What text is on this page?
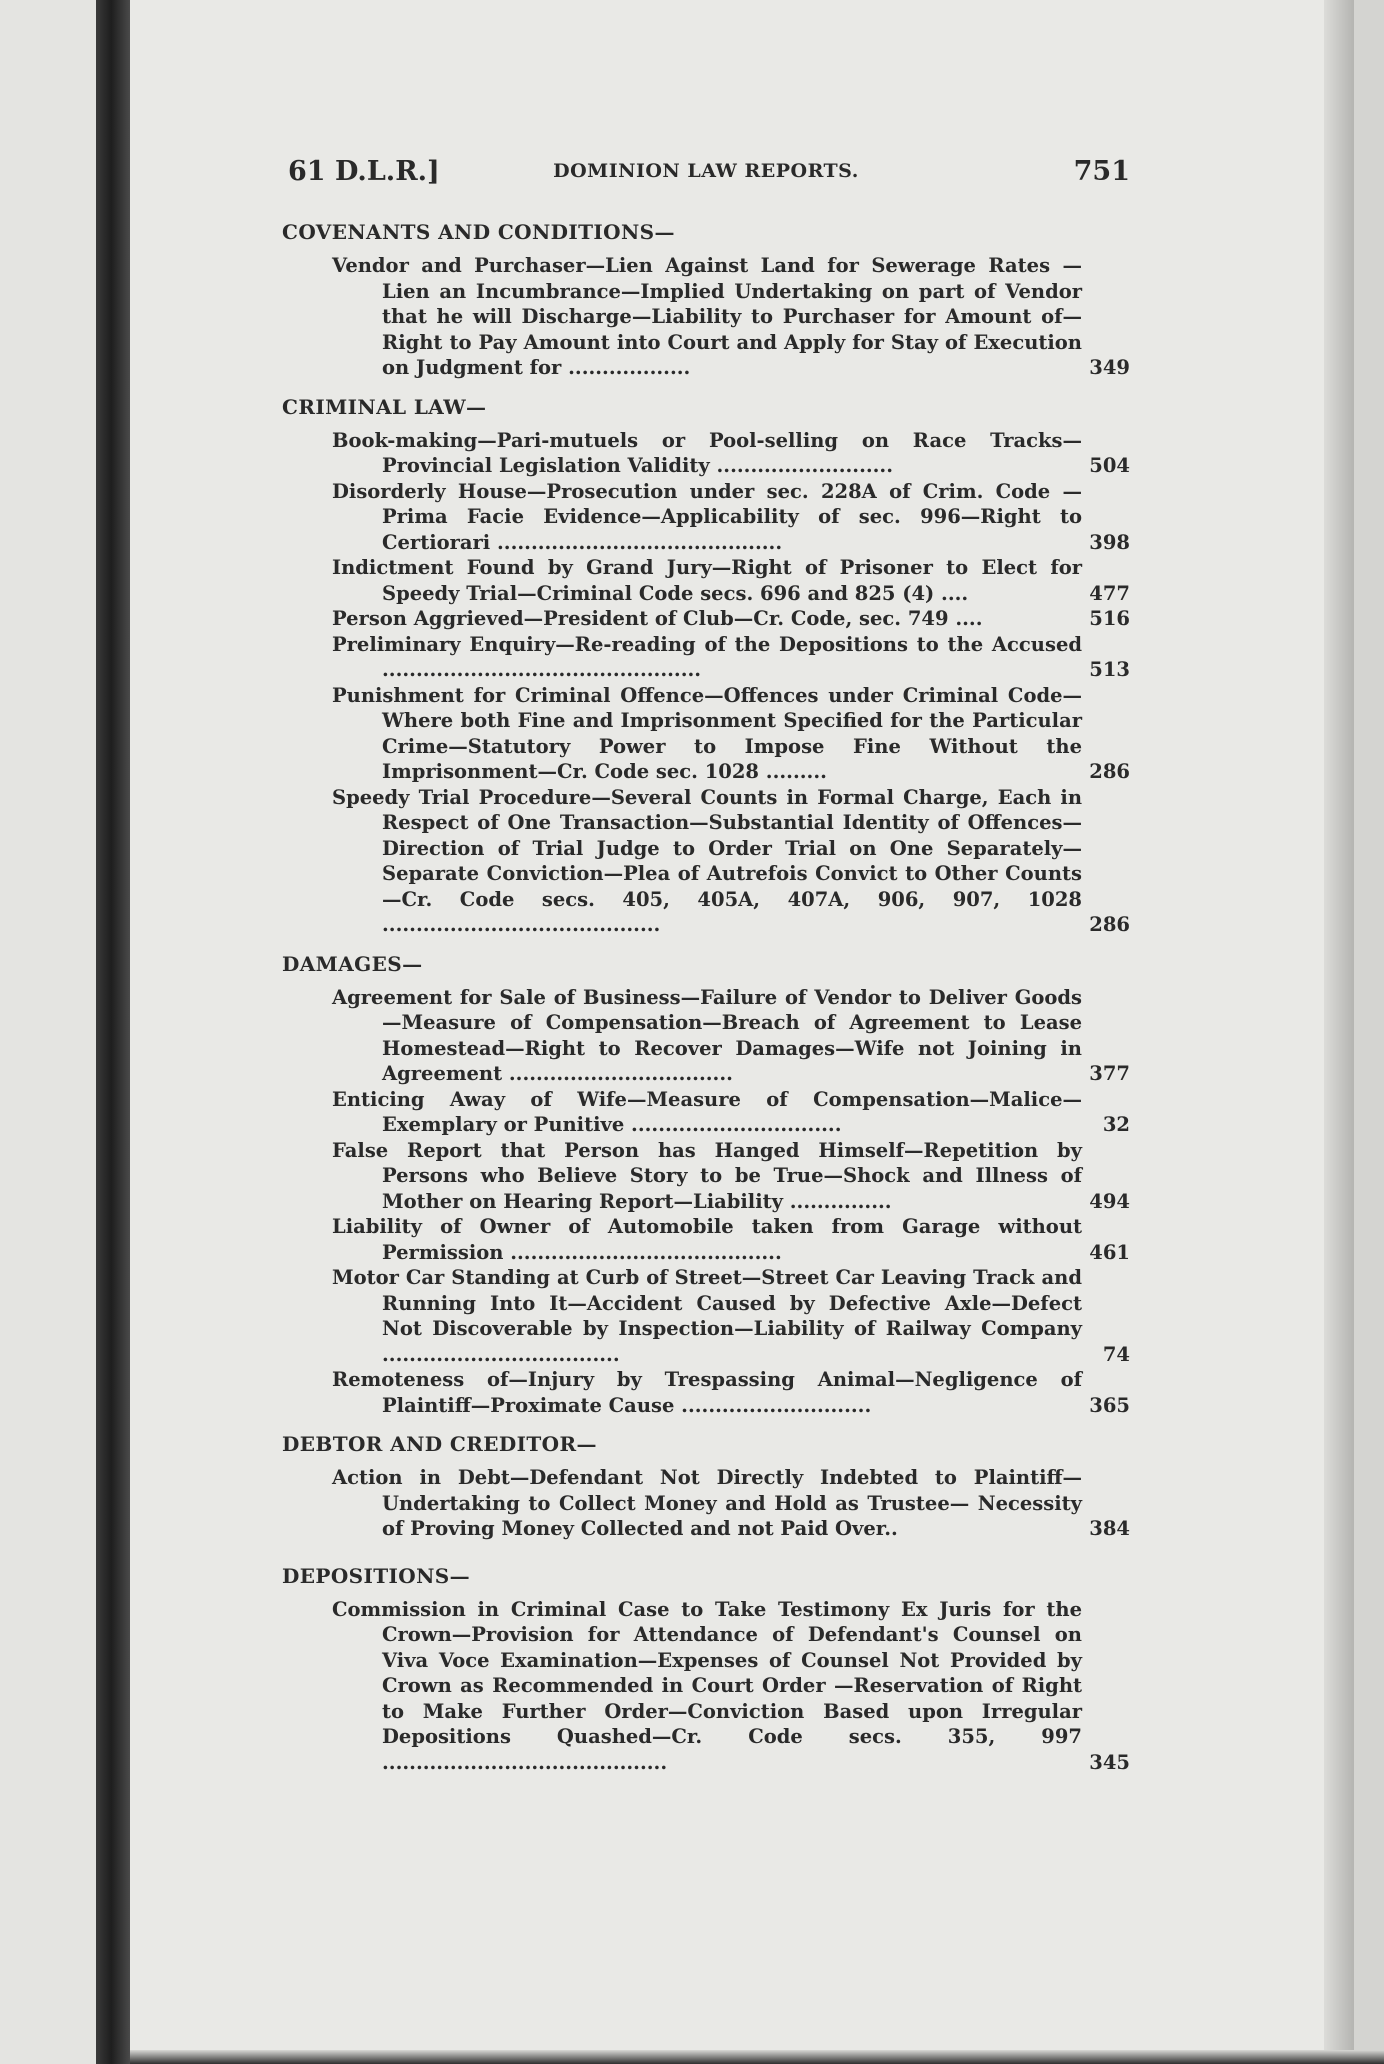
61 D.L.R.]	DOMINION LAW REPORTS.	751
COVENANTS AND CONDITIONS—
Vendor and Purchaser—Lien Against Land for Sewerage Rates —Lien an Incumbrance—Implied Undertaking on part of Vendor that he will Discharge—Liability to Purchaser for Amount of—Right to Pay Amount into Court and Apply for Stay of Execution on Judgment for ..................	349
CRIMINAL LAW—
Book-making—Pari-mutuels or Pool-selling on Race Tracks— Provincial Legislation Validity ..........................	504
Disorderly House—Prosecution under sec. 228A of Crim. Code —Prima Facie Evidence—Applicability of sec. 996—Right to Certiorari ..........................................	398
Indictment Found by Grand Jury—Right of Prisoner to Elect for Speedy Trial—Criminal Code secs. 696 and 825 (4) ....	477
Person Aggrieved—President of Club—Cr. Code, sec. 749 ....	516
Preliminary Enquiry—Re-reading of the Depositions to the Accused ...............................................	513
Punishment for Criminal Offence—Offences under Criminal Code—Where both Fine and Imprisonment Specified for the Particular Crime—Statutory Power to Impose Fine Without the Imprisonment—Cr. Code sec. 1028 .........	286
Speedy Trial Procedure—Several Counts in Formal Charge, Each in Respect of One Transaction—Substantial Identity of Offences—Direction of Trial Judge to Order Trial on One Separately—Separate Conviction—Plea of Autrefois Convict to Other Counts—Cr. Code secs. 405, 405A, 407A, 906, 907, 1028 .........................................	286
DAMAGES—
Agreement for Sale of Business—Failure of Vendor to Deliver Goods—Measure of Compensation—Breach of Agreement to Lease Homestead—Right to Recover Damages—Wife not Joining in Agreement .................................	377
Enticing Away of Wife—Measure of Compensation—Malice— Exemplary or Punitive ...............................	32
False Report that Person has Hanged Himself—Repetition by Persons who Believe Story to be True—Shock and Illness of Mother on Hearing Report—Liability ...............	494
Liability of Owner of Automobile taken from Garage without Permission ........................................	461
Motor Car Standing at Curb of Street—Street Car Leaving Track and Running Into It—Accident Caused by Defective Axle—Defect Not Discoverable by Inspection—Liability of Railway Company ...................................	74
Remoteness of—Injury by Trespassing Animal—Negligence of Plaintiff—Proximate Cause ............................	365
DEBTOR AND CREDITOR—
Action in Debt—Defendant Not Directly Indebted to Plaintiff— Undertaking to Collect Money and Hold as Trustee— Necessity of Proving Money Collected and not Paid Over..	384
DEPOSITIONS—
Commission in Criminal Case to Take Testimony Ex Juris for the Crown—Provision for Attendance of Defendant's Counsel on Viva Voce Examination—Expenses of Counsel Not Provided by Crown as Recommended in Court Order —Reservation of Right to Make Further Order—Conviction Based upon Irregular Depositions Quashed—Cr. Code secs. 355, 997 ..........................................	345
